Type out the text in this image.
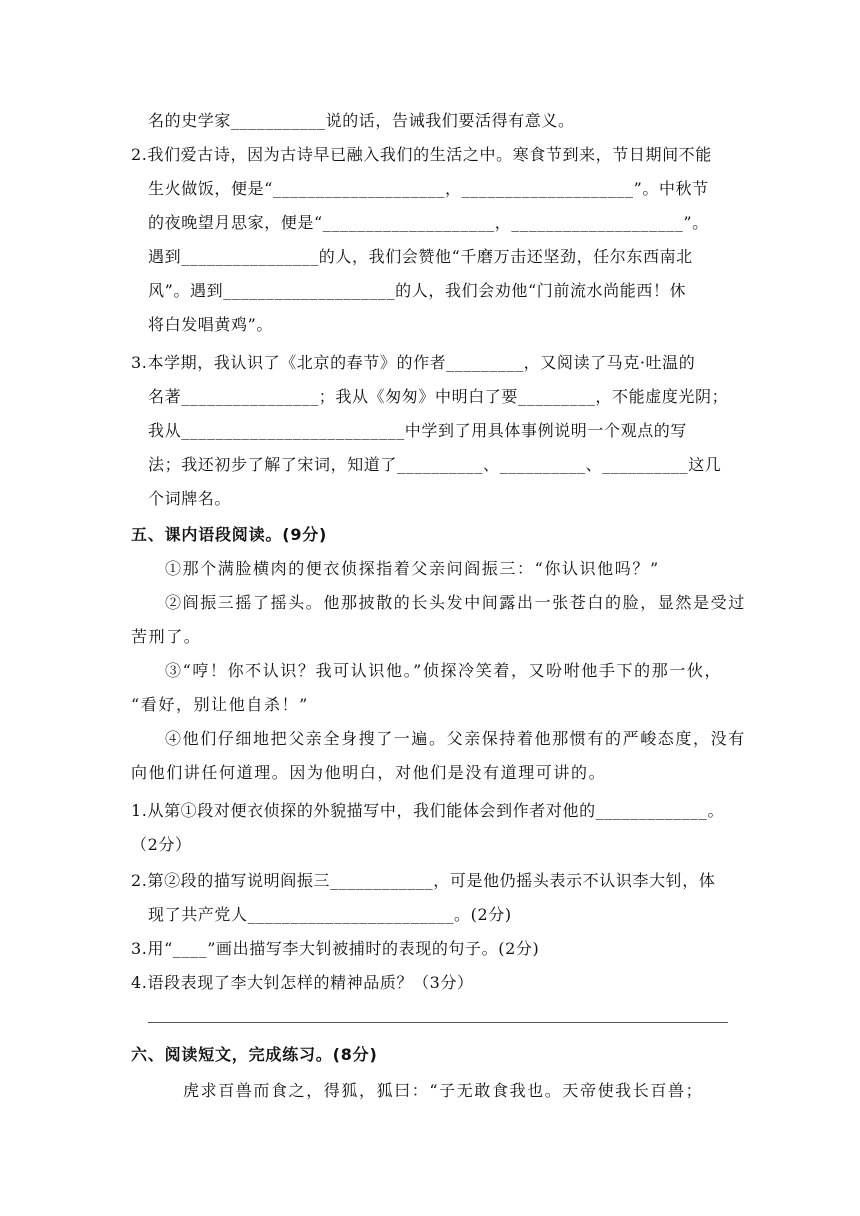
名的史学家___________说的话，告诫我们要活得有意义。
2.我们爱古诗，因为古诗早已融入我们的生活之中。寒食节到来，节日期间不能
生火做饭，便是“____________________，____________________”。中秋节
的夜晚望月思家，便是“____________________，____________________”。
遇到________________的人，我们会赞他“千磨万击还坚劲，任尔东西南北
风”。遇到____________________的人，我们会劝他“门前流水尚能西！休
将白发唱黄鸡”。
3.本学期，我认识了《北京的春节》的作者_________，又阅读了马克·吐温的
名著________________；我从《匆匆》中明白了要_________，不能虚度光阴；
我从__________________________中学到了用具体事例说明一个观点的写
法；我还初步了解了宋词，知道了__________、__________、__________这几
个词牌名。
五、课内语段阅读。(9分)
①那个满脸横肉的便衣侦探指着父亲问阎振三：“你认识他吗？”
②阎振三摇了摇头。他那披散的长头发中间露出一张苍白的脸，显然是受过
苦刑了。
③“哼！你不认识？我可认识他。”侦探冷笑着，又吩咐他手下的那一伙，
“看好，别让他自杀！”
④他们仔细地把父亲全身搜了一遍。父亲保持着他那惯有的严峻态度，没有
向他们讲任何道理。因为他明白，对他们是没有道理可讲的。
1.从第①段对便衣侦探的外貌描写中，我们能体会到作者对他的_____________。
（2分）
2.第②段的描写说明阎振三____________，可是他仍摇头表示不认识李大钊，体
现了共产党人________________________。(2分)
3.用“____”画出描写李大钊被捕时的表现的句子。(2分)
4.语段表现了李大钊怎样的精神品质？（3分）
六、阅读短文，完成练习。(8分)
虎求百兽而食之，得狐，狐曰：“子无敢食我也。天帝使我长百兽；
